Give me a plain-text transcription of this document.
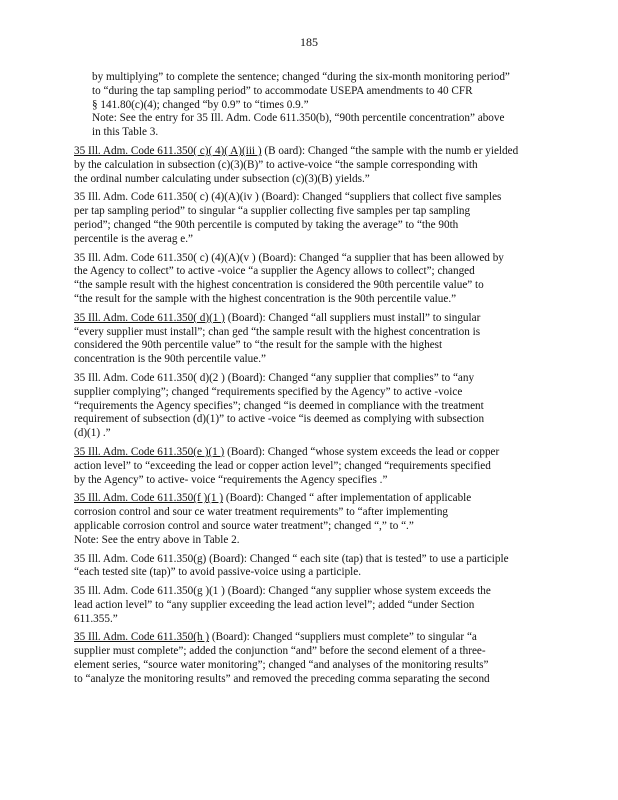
185
by multiplying” to complete the sentence; changed “during the six-month monitoring period”
to “during the tap sampling period” to accommodate USEPA amendments to 40 CFR
§ 141.80(c)(4); changed “by 0.9” to “times 0.9.”
Note: See the entry for 35 Ill. Adm. Code 611.350(b), “90th percentile concentration” above
in this Table 3.
35 Ill. Adm. Code 611.350( c)( 4)( A)(iii ) (B oard): Changed “the sample with the numb er yielded
by the calculation in subsection (c)(3)(B)” to active-voice “the sample corresponding with
the ordinal number calculating under subsection (c)(3)(B) yields.”
35 Ill. Adm. Code 611.350( c) (4)(A)(iv ) (Board): Changed “suppliers that collect five samples
per tap sampling period” to singular “a supplier collecting five samples per tap sampling
period”; changed “the 90th percentile is computed by taking the average” to “the 90th
percentile is the averag e.”
35 Ill. Adm. Code 611.350( c) (4)(A)(v ) (Board): Changed “a supplier that has been allowed by
the Agency to collect” to active -voice “a supplier the Agency allows to collect”; changed
“the sample result with the highest concentration is considered the 90th percentile value” to
“the result for the sample with the highest concentration is the 90th percentile value.”
35 Ill. Adm. Code 611.350( d)(1 ) (Board): Changed “all suppliers must install” to singular
“every supplier must install”; chan ged “the sample result with the highest concentration is
considered the 90th percentile value” to “the result for the sample with the highest
concentration is the 90th percentile value.”
35 Ill. Adm. Code 611.350( d)(2 ) (Board): Changed “any supplier that complies” to “any
supplier complying”; changed “requirements specified by the Agency” to active -voice
“requirements the Agency specifies”; changed “is deemed in compliance with the treatment
requirement of subsection (d)(1)” to active -voice “is deemed as complying with subsection
(d)(1) .”
35 Ill. Adm. Code 611.350(e )(1 ) (Board): Changed “whose system exceeds the lead or copper
action level” to “exceeding the lead or copper action level”; changed “requirements specified
by the Agency” to active- voice “requirements the Agency specifies .”
35 Ill. Adm. Code 611.350(f )(1 ) (Board): Changed “ after implementation of applicable
corrosion control and sour ce water treatment requirements” to “after implementing
applicable corrosion control and source water treatment”; changed “,” to “.”
Note: See the entry above in Table 2.
35 Ill. Adm. Code 611.350(g) (Board): Changed “ each site (tap) that is tested” to use a participle
“each tested site (tap)” to avoid passive-voice using a participle.
35 Ill. Adm. Code 611.350(g )(1 ) (Board): Changed “any supplier whose system exceeds the
lead action level” to “any supplier exceeding the lead action level”; added “under Section
611.355.”
35 Ill. Adm. Code 611.350(h ) (Board): Changed “suppliers must complete” to singular “a
supplier must complete”; added the conjunction “and” before the second element of a three-
element series, “source water monitoring”; changed “and analyses of the monitoring results”
to “analyze the monitoring results” and removed the preceding comma separating the second
